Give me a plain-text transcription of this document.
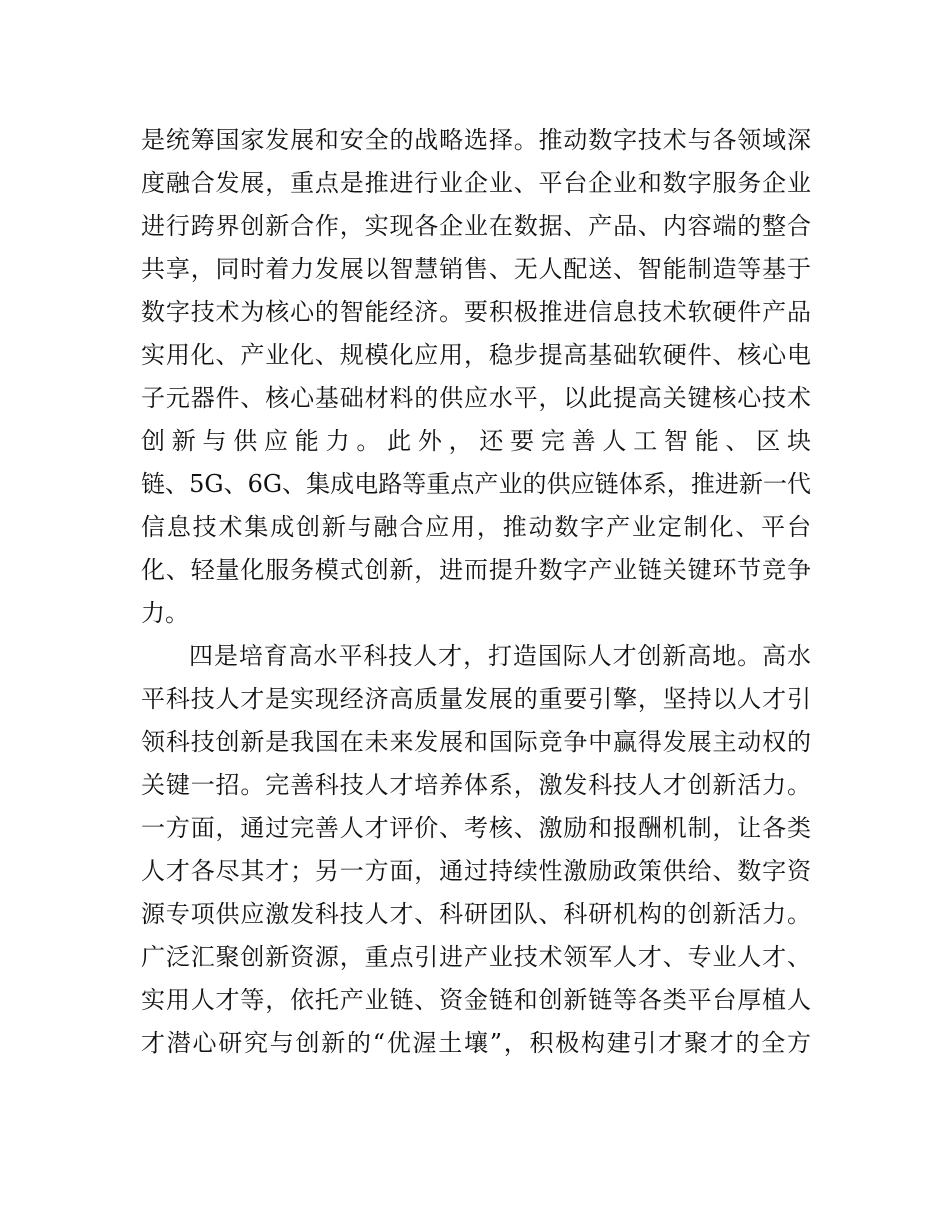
是统筹国家发展和安全的战略选择。推动数字技术与各领域深
度融合发展，重点是推进行业企业、平台企业和数字服务企业
进行跨界创新合作，实现各企业在数据、产品、内容端的整合
共享，同时着力发展以智慧销售、无人配送、智能制造等基于
数字技术为核心的智能经济。要积极推进信息技术软硬件产品
实用化、产业化、规模化应用，稳步提高基础软硬件、核心电
子元器件、核心基础材料的供应水平，以此提高关键核心技术
创新与供应能力。此外，还要完善人工智能、区块
链、5G、6G、集成电路等重点产业的供应链体系，推进新一代
信息技术集成创新与融合应用，推动数字产业定制化、平台
化、轻量化服务模式创新，进而提升数字产业链关键环节竞争
力。
四是培育高水平科技人才，打造国际人才创新高地。高水
平科技人才是实现经济高质量发展的重要引擎，坚持以人才引
领科技创新是我国在未来发展和国际竞争中赢得发展主动权的
关键一招。完善科技人才培养体系，激发科技人才创新活力。
一方面，通过完善人才评价、考核、激励和报酬机制，让各类
人才各尽其才；另一方面，通过持续性激励政策供给、数字资
源专项供应激发科技人才、科研团队、科研机构的创新活力。
广泛汇聚创新资源，重点引进产业技术领军人才、专业人才、
实用人才等，依托产业链、资金链和创新链等各类平台厚植人
才潜心研究与创新的“优渥土壤”，积极构建引才聚才的全方
